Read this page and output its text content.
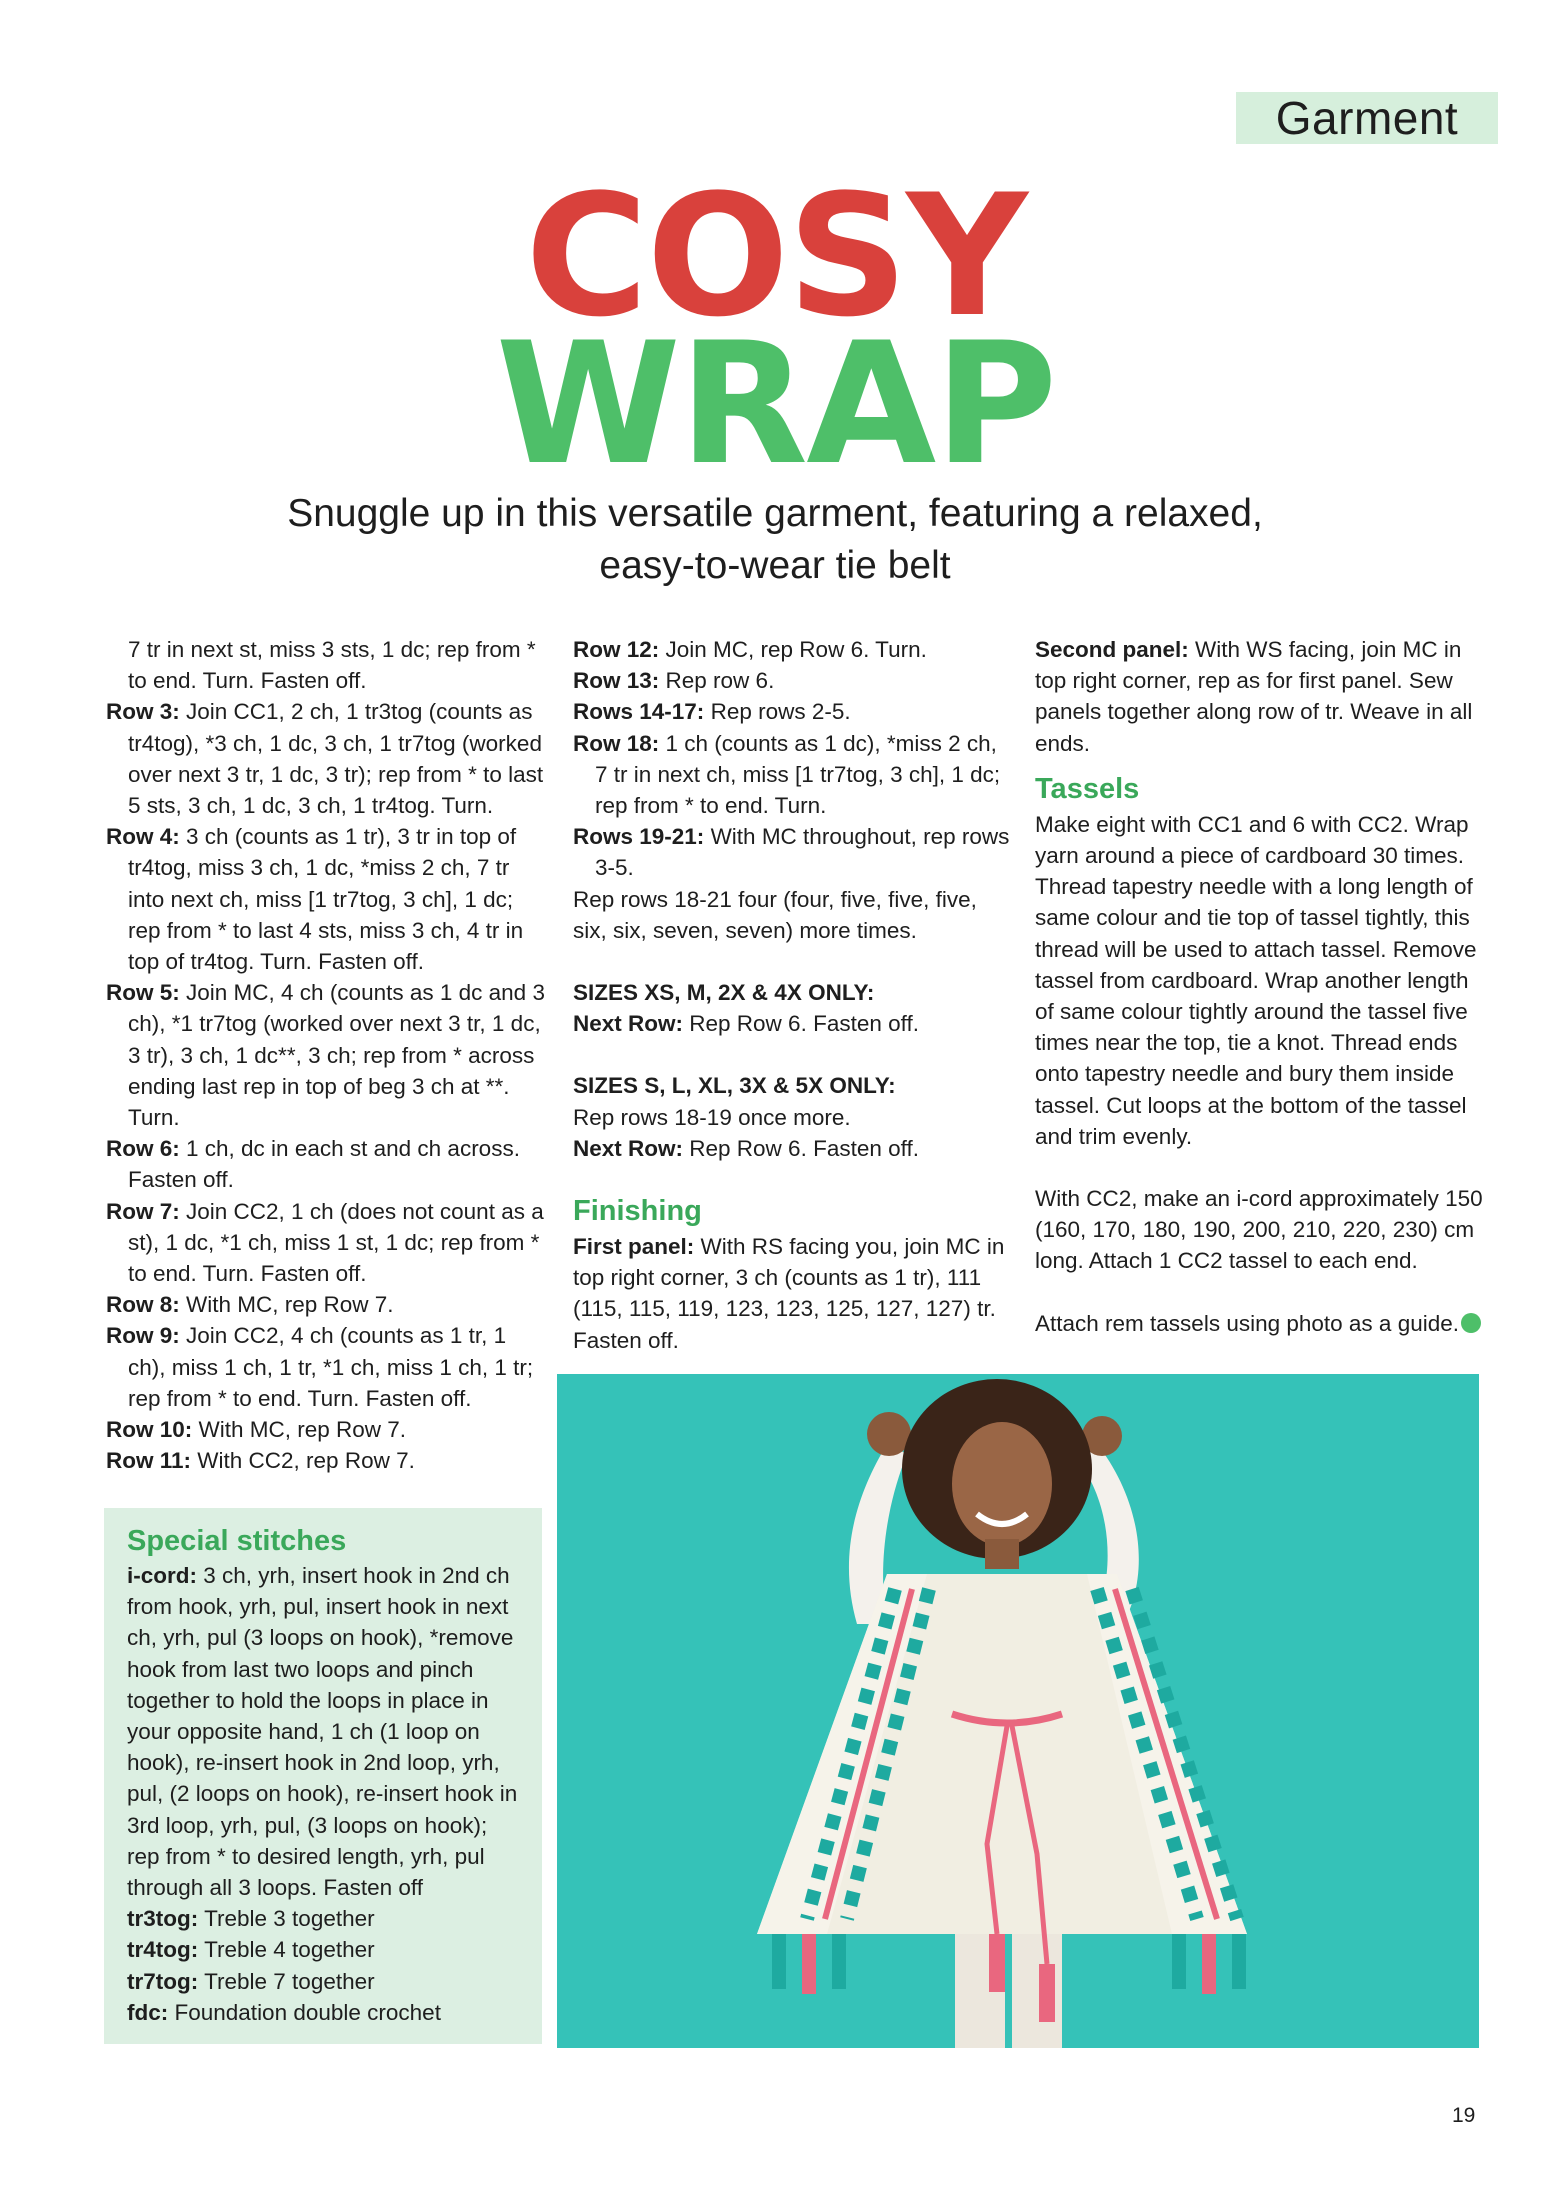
Garment
COSY
WRAP
Snuggle up in this versatile garment, featuring a relaxed,
easy-to-wear tie belt

7 tr in next st, miss 3 sts, 1 dc; rep from * to end. Turn. Fasten off.

Row 3: Join CC1, 2 ch, 1 tr3tog (counts as tr4tog), *3 ch, 1 dc, 3 ch, 1 tr7tog (worked over next 3 tr, 1 dc, 3 tr); rep from * to last 5 sts, 3 ch, 1 dc, 3 ch, 1 tr4tog. Turn.

Row 4: 3 ch (counts as 1 tr), 3 tr in top of tr4tog, miss 3 ch, 1 dc, *miss 2 ch, 7 tr into next ch, miss [1 tr7tog, 3 ch], 1 dc; rep from * to last 4 sts, miss 3 ch, 4 tr in top of tr4tog. Turn. Fasten off.

Row 5: Join MC, 4 ch (counts as 1 dc and 3 ch), *1 tr7tog (worked over next 3 tr, 1 dc, 3 tr), 3 ch, 1 dc**, 3 ch; rep from * across ending last rep in top of beg 3 ch at **. Turn.

Row 6: 1 ch, dc in each st and ch across. Fasten off.

Row 7: Join CC2, 1 ch (does not count as a st), 1 dc, *1 ch, miss 1 st, 1 dc; rep from * to end. Turn. Fasten off.

Row 8: With MC, rep Row 7.

Row 9: Join CC2, 4 ch (counts as 1 tr, 1 ch), miss 1 ch, 1 tr, *1 ch, miss 1 ch, 1 tr; rep from * to end. Turn. Fasten off.

Row 10: With MC, rep Row 7.

Row 11: With CC2, rep Row 7.

Row 12: Join MC, rep Row 6. Turn.

Row 13: Rep row 6.

Rows 14-17: Rep rows 2-5.

Row 18: 1 ch (counts as 1 dc), *miss 2 ch, 7 tr in next ch, miss [1 tr7tog, 3 ch], 1 dc; rep from * to end. Turn.

Rows 19-21: With MC throughout, rep rows 3-5.

Rep rows 18-21 four (four, five, five, five, six, six, seven, seven) more times.

SIZES XS, M, 2X & 4X ONLY:

Next Row: Rep Row 6. Fasten off.

SIZES S, L, XL, 3X & 5X ONLY:

Rep rows 18-19 once more.

Next Row: Rep Row 6. Fasten off.

Finishing

First panel: With RS facing you, join MC in top right corner, 3 ch (counts as 1 tr), 111 (115, 115, 119, 123, 123, 125, 127, 127) tr. Fasten off.

Second panel: With WS facing, join MC in top right corner, rep as for first panel. Sew panels together along row of tr. Weave in all ends.

Tassels

Make eight with CC1 and 6 with CC2. Wrap yarn around a piece of cardboard 30 times. Thread tapestry needle with a long length of same colour and tie top of tassel tightly, this thread will be used to attach tassel. Remove tassel from cardboard. Wrap another length of same colour tightly around the tassel five times near the top, tie a knot. Thread ends onto tapestry needle and bury them inside tassel. Cut loops at the bottom of the tassel and trim evenly.

With CC2, make an i-cord approximately 150 (160, 170, 180, 190, 200, 210, 220, 230) cm long. Attach 1 CC2 tassel to each end.

Attach rem tassels using photo as a guide.

Special stitches

i-cord: 3 ch, yrh, insert hook in 2nd ch from hook, yrh, pul, insert hook in next ch, yrh, pul (3 loops on hook), *remove hook from last two loops and pinch together to hold the loops in place in your opposite hand, 1 ch (1 loop on hook), re-insert hook in 2nd loop, yrh, pul, (2 loops on hook), re-insert hook in 3rd loop, yrh, pul, (3 loops on hook); rep from * to desired length, yrh, pul through all 3 loops. Fasten off

tr3tog: Treble 3 together

tr4tog: Treble 4 together

tr7tog: Treble 7 together

fdc: Foundation double crochet

19
